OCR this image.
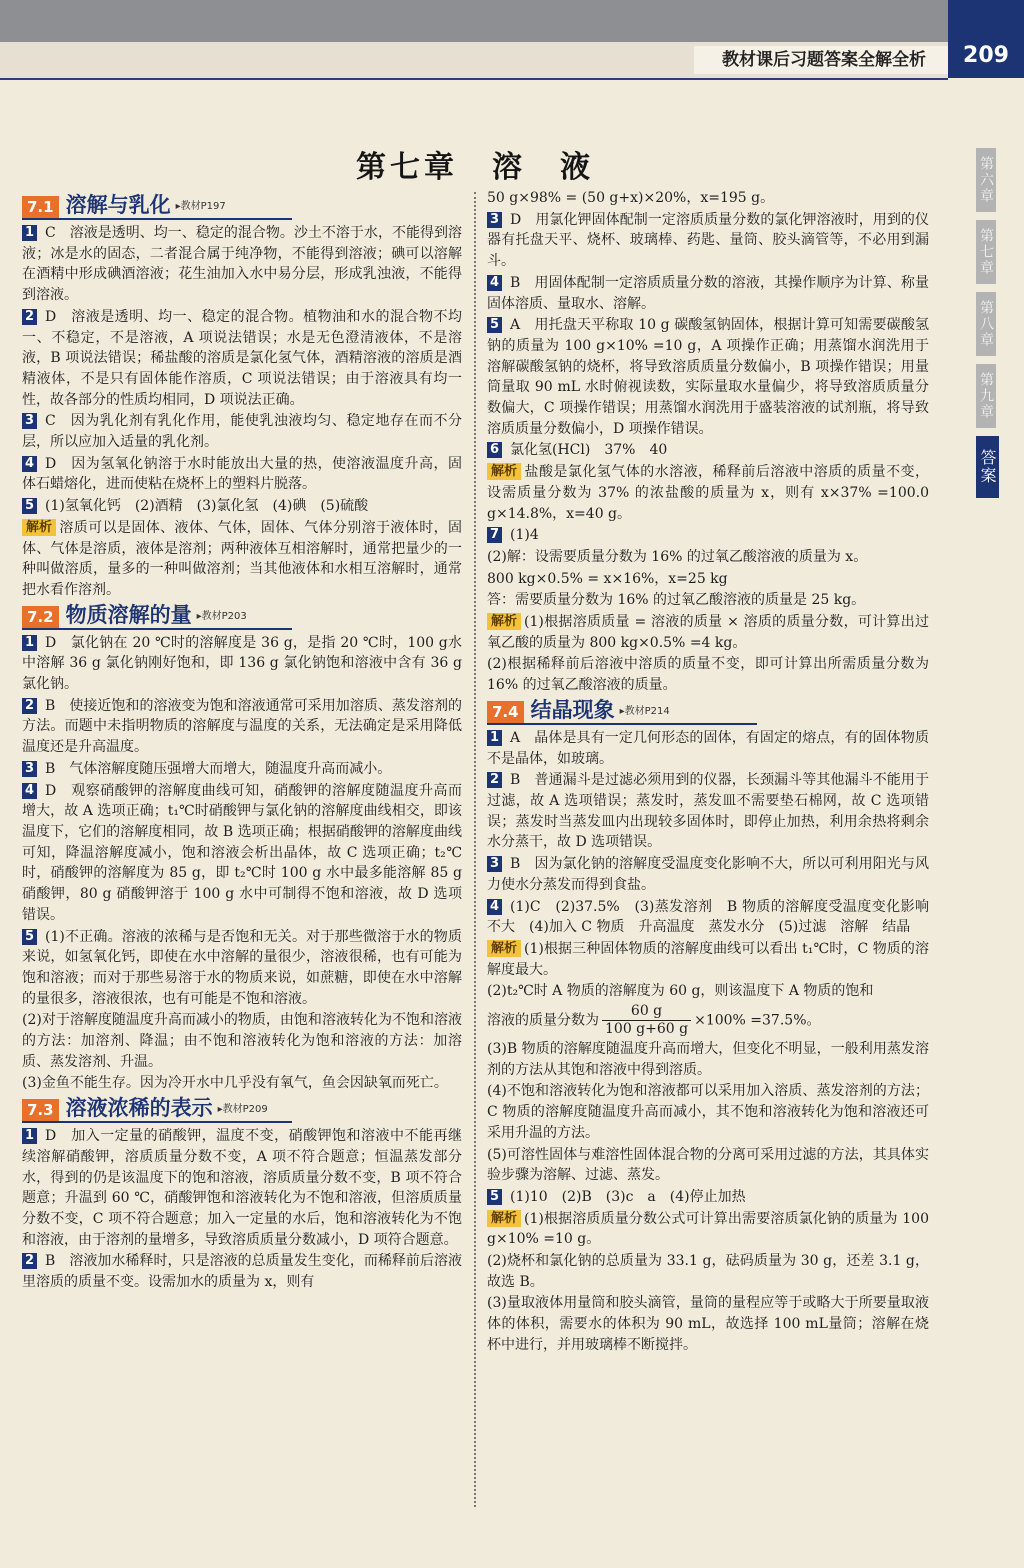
教材课后习题答案全解全析	209
第六章
第七章
第八章
第九章
答案
第七章　溶　液
7.1 溶解与乳化 ▸教材P197

1 C　溶液是透明、均一、稳定的混合物。沙土不溶于水，不能得到溶液；冰是水的固态，二者混合属于纯净物，不能得到溶液；碘可以溶解在酒精中形成碘酒溶液；花生油加入水中易分层，形成乳浊液，不能得到溶液。

2 D　溶液是透明、均一、稳定的混合物。植物油和水的混合物不均一、不稳定，不是溶液，A 项说法错误；水是无色澄清液体，不是溶液，B 项说法错误；稀盐酸的溶质是氯化氢气体，酒精溶液的溶质是酒精液体，不是只有固体能作溶质，C 项说法错误；由于溶液具有均一性，故各部分的性质均相同，D 项说法正确。

3 C　因为乳化剂有乳化作用，能使乳浊液均匀、稳定地存在而不分层，所以应加入适量的乳化剂。

4 D　因为氢氧化钠溶于水时能放出大量的热，使溶液温度升高，固体石蜡熔化，进而使粘在烧杯上的塑料片脱落。

5 (1)氢氧化钙　(2)酒精　(3)氯化氢　(4)碘　(5)硫酸

解析 溶质可以是固体、液体、气体，固体、气体分别溶于液体时，固体、气体是溶质，液体是溶剂；两种液体互相溶解时，通常把量少的一种叫做溶质，量多的一种叫做溶剂；当其他液体和水相互溶解时，通常把水看作溶剂。

7.2 物质溶解的量 ▸教材P203

1 D　氯化钠在 20 ℃时的溶解度是 36 g，是指 20 ℃时，100 g水中溶解 36 g 氯化钠刚好饱和，即 136 g 氯化钠饱和溶液中含有 36 g 氯化钠。

2 B　使接近饱和的溶液变为饱和溶液通常可采用加溶质、蒸发溶剂的方法。而题中未指明物质的溶解度与温度的关系，无法确定是采用降低温度还是升高温度。

3 B　气体溶解度随压强增大而增大，随温度升高而减小。

4 D　观察硝酸钾的溶解度曲线可知，硝酸钾的溶解度随温度升高而增大，故 A 选项正确；t₁℃时硝酸钾与氯化钠的溶解度曲线相交，即该温度下，它们的溶解度相同，故 B 选项正确；根据硝酸钾的溶解度曲线可知，降温溶解度减小，饱和溶液会析出晶体，故 C 选项正确；t₂℃时，硝酸钾的溶解度为 85 g，即 t₂℃时 100 g 水中最多能溶解 85 g 硝酸钾，80 g 硝酸钾溶于 100 g 水中可制得不饱和溶液，故 D 选项错误。

5 (1)不正确。溶液的浓稀与是否饱和无关。对于那些微溶于水的物质来说，如氢氧化钙，即使在水中溶解的量很少，溶液很稀，也有可能为饱和溶液；而对于那些易溶于水的物质来说，如蔗糖，即使在水中溶解的量很多，溶液很浓，也有可能是不饱和溶液。

(2)对于溶解度随温度升高而减小的物质，由饱和溶液转化为不饱和溶液的方法：加溶剂、降温；由不饱和溶液转化为饱和溶液的方法：加溶质、蒸发溶剂、升温。

(3)金鱼不能生存。因为冷开水中几乎没有氧气，鱼会因缺氧而死亡。

7.3 溶液浓稀的表示 ▸教材P209

1 D　加入一定量的硝酸钾，温度不变，硝酸钾饱和溶液中不能再继续溶解硝酸钾，溶质质量分数不变，A 项不符合题意；恒温蒸发部分水，得到的仍是该温度下的饱和溶液，溶质质量分数不变，B 项不符合题意；升温到 60 ℃，硝酸钾饱和溶液转化为不饱和溶液，但溶质质量分数不变，C 项不符合题意；加入一定量的水后，饱和溶液转化为不饱和溶液，由于溶剂的量增多，导致溶质质量分数减小，D 项符合题意。

2 B　溶液加水稀释时，只是溶液的总质量发生变化，而稀释前后溶液里溶质的质量不变。设需加水的质量为 x，则有

50 g×98% = (50 g+x)×20%，x=195 g。

3 D　用氯化钾固体配制一定溶质质量分数的氯化钾溶液时，用到的仪器有托盘天平、烧杯、玻璃棒、药匙、量筒、胶头滴管等，不必用到漏斗。

4 B　用固体配制一定溶质质量分数的溶液，其操作顺序为计算、称量固体溶质、量取水、溶解。

5 A　用托盘天平称取 10 g 碳酸氢钠固体，根据计算可知需要碳酸氢钠的质量为 100 g×10% =10 g，A 项操作正确；用蒸馏水润洗用于溶解碳酸氢钠的烧杯，将导致溶质质量分数偏小，B 项操作错误；用量筒量取 90 mL 水时俯视读数，实际量取水量偏少，将导致溶质质量分数偏大，C 项操作错误；用蒸馏水润洗用于盛装溶液的试剂瓶，将导致溶质质量分数偏小，D 项操作错误。

6 氯化氢(HCl)　37%　40

解析 盐酸是氯化氢气体的水溶液，稀释前后溶液中溶质的质量不变，设需质量分数为 37% 的浓盐酸的质量为 x，则有 x×37% =100.0 g×14.8%，x=40 g。

7 (1)4

(2)解：设需要质量分数为 16% 的过氧乙酸溶液的质量为 x。

800 kg×0.5% = x×16%，x=25 kg

答：需要质量分数为 16% 的过氧乙酸溶液的质量是 25 kg。

解析 (1)根据溶质质量 = 溶液的质量 × 溶质的质量分数，可计算出过氧乙酸的质量为 800 kg×0.5% =4 kg。

(2)根据稀释前后溶液中溶质的质量不变，即可计算出所需质量分数为 16% 的过氧乙酸溶液的质量。

7.4 结晶现象 ▸教材P214

1 A　晶体是具有一定几何形态的固体，有固定的熔点，有的固体物质不是晶体，如玻璃。

2 B　普通漏斗是过滤必须用到的仪器，长颈漏斗等其他漏斗不能用于过滤，故 A 选项错误；蒸发时，蒸发皿不需要垫石棉网，故 C 选项错误；蒸发时当蒸发皿内出现较多固体时，即停止加热，利用余热将剩余水分蒸干，故 D 选项错误。

3 B　因为氯化钠的溶解度受温度变化影响不大，所以可利用阳光与风力使水分蒸发而得到食盐。

4 (1)C　(2)37.5%　(3)蒸发溶剂　B 物质的溶解度受温度变化影响不大　(4)加入 C 物质　升高温度　蒸发水分　(5)过滤　溶解　结晶

解析 (1)根据三种固体物质的溶解度曲线可以看出 t₁℃时，C 物质的溶解度最大。

(2)t₂℃时 A 物质的溶解度为 60 g，则该温度下 A 物质的饱和

溶液的质量分数为 $\frac{60 g}{100 g+60 g} \times 100\% =37.5\%$。

(3)B 物质的溶解度随温度升高而增大，但变化不明显，一般利用蒸发溶剂的方法从其饱和溶液中得到溶质。

(4)不饱和溶液转化为饱和溶液都可以采用加入溶质、蒸发溶剂的方法；C 物质的溶解度随温度升高而减小，其不饱和溶液转化为饱和溶液还可采用升温的方法。

(5)可溶性固体与难溶性固体混合物的分离可采用过滤的方法，其具体实验步骤为溶解、过滤、蒸发。

5 (1)10　(2)B　(3)c　a　(4)停止加热

解析 (1)根据溶质质量分数公式可计算出需要溶质氯化钠的质量为 100 g×10% =10 g。

(2)烧杯和氯化钠的总质量为 33.1 g，砝码质量为 30 g，还差 3.1 g，故选 B。

(3)量取液体用量筒和胶头滴管，量筒的量程应等于或略大于所要量取液体的体积，需要水的体积为 90 mL，故选择 100 mL量筒；溶解在烧杯中进行，并用玻璃棒不断搅拌。
